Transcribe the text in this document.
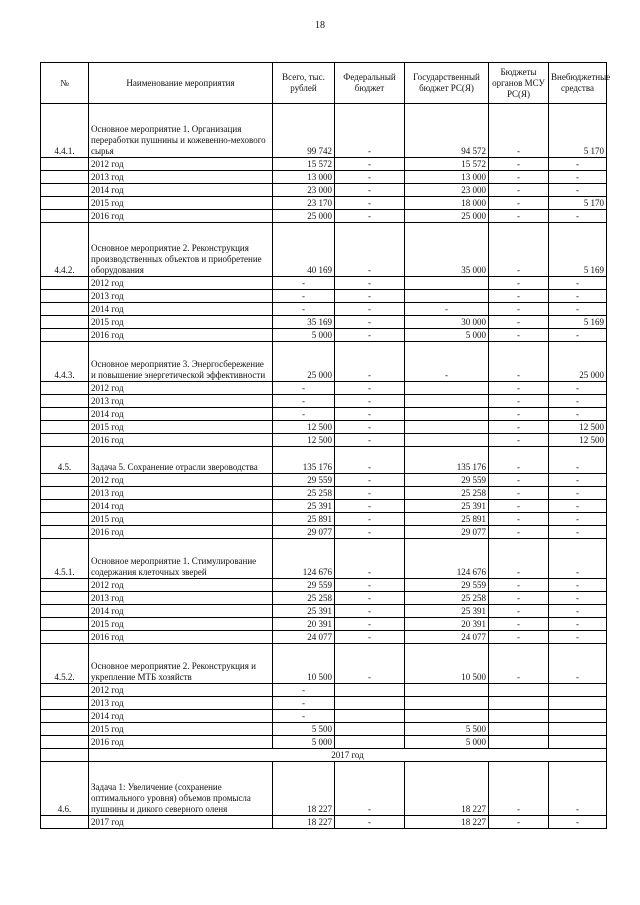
18
№	Наименование мероприятия	Всего, тыс. рублей	Федеральный бюджет	Государственный бюджет РС(Я)	Бюджеты органов МСУ РС(Я)	Внебюджетные средства
4.4.1.	Основное мероприятие 1. Организация переработки пушнины и кожевенно-мехового сырья	99 742	-	94 572	-	5 170
	2012 год	15 572	-	15 572	-	-
	2013 год	13 000	-	13 000	-	-
	2014 год	23 000	-	23 000	-	-
	2015 год	23 170	-	18 000	-	5 170
	2016 год	25 000	-	25 000	-	-
4.4.2.	Основное мероприятие 2. Реконструкция производственных объектов и приобретение оборудования	40 169	-	35 000	-	5 169
	2012 год	-	-		-	-
	2013 год	-	-		-	-
	2014 год	-	-	-	-	-
	2015 год	35 169	-	30 000	-	5 169
	2016 год	5 000	-	5 000	-	-
4.4.3.	Основное мероприятие 3. Энергосбережение и повышение энергетической эффективности	25 000	-	-	-	25 000
	2012 год	-	-		-	-
	2013 год	-	-		-	-
	2014 год	-	-		-	-
	2015 год	12 500	-		-	12 500
	2016 год	12 500	-		-	12 500
4.5.	Задача 5. Сохранение отрасли звероводства	135 176	-	135 176	-	-
	2012 год	29 559	-	29 559	-	-
	2013 год	25 258	-	25 258	-	-
	2014 год	25 391	-	25 391	-	-
	2015 год	25 891	-	25 891	-	-
	2016 год	29 077	-	29 077	-	-
4.5.1.	Основное мероприятие 1. Стимулирование содержания клеточных зверей	124 676	-	124 676	-	-
	2012 год	29 559	-	29 559	-	-
	2013 год	25 258	-	25 258	-	-
	2014 год	25 391	-	25 391	-	-
	2015 год	20 391	-	20 391	-	-
	2016 год	24 077	-	24 077	-	-
4.5.2.	Основное мероприятие 2. Реконструкция и укрепление МТБ хозяйств	10 500	-	10 500	-	-
	2012 год	-				
	2013 год	-				
	2014 год	-				
	2015 год	5 500		5 500		
	2016 год	5 000		5 000		
	2017 год					
4.6.	Задача 1: Увеличение (сохранение оптимального уровня) объемов промысла пушнины и дикого северного оленя	18 227	-	18 227	-	-
	2017 год	18 227	-	18 227	-	-
